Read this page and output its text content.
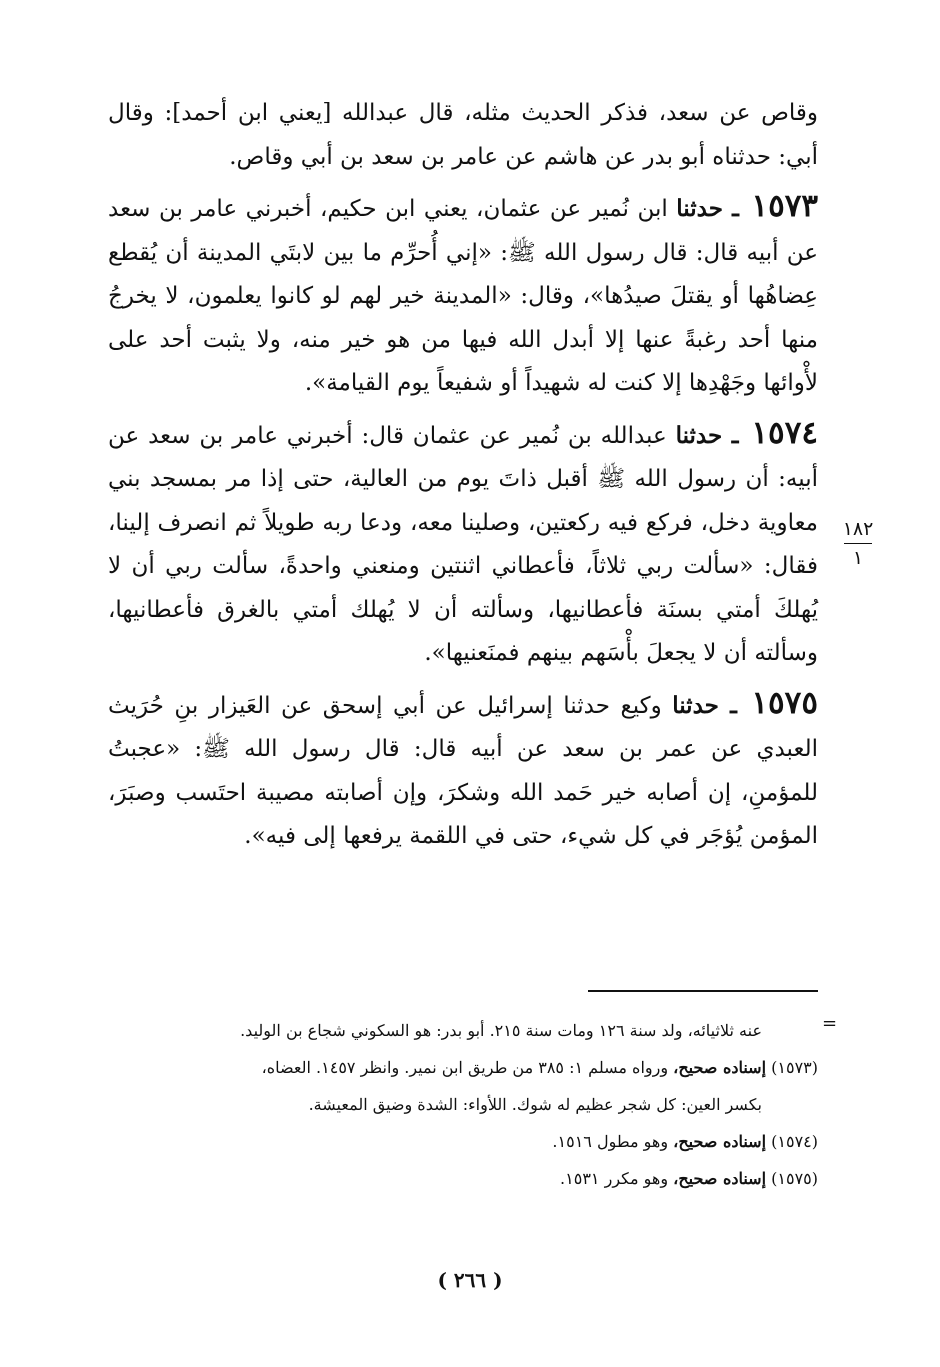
وقاص عن سعد، فذكر الحديث مثله، قال عبدالله [يعني ابن أحمد]: وقال أبي: حدثناه أبو بدر عن هاشم عن عامر بن سعد بن أبي وقاص.

١٥٧٣ ـ حدثنا ابن نُمير عن عثمان، يعني ابن حكيم، أخبرني عامر بن سعد عن أبيه قال: قال رسول الله ﷺ: «إني أُحرِّم ما بين لابتَي المدينة أن يُقطع عِضاهُها أو يقتلَ صيدُها»، وقال: «المدينة خير لهم لو كانوا يعلمون، لا يخرجُ منها أحد رغبةً عنها إلا أبدل الله فيها من هو خير منه، ولا يثبت أحد على لأْوائها وجَهْدِها إلا كنت له شهيداً أو شفيعاً يوم القيامة».

١٥٧٤ ـ حدثنا عبدالله بن نُمير عن عثمان قال: أخبرني عامر بن سعد عن أبيه: أن رسول الله ﷺ أقبل ذاتَ يوم من العالية، حتى إذا مر بمسجد بني معاوية دخل، فركع فيه ركعتين، وصلينا معه، ودعا ربه طويلاً ثم انصرف إلينا، فقال: «سألت ربي ثلاثاً، فأعطاني اثنتين ومنعني واحدةً، سألت ربي أن لا يُهلكَ أمتي بسنَة فأعطانيها، وسألته أن لا يُهلك أمتي بالغرق فأعطانيها، وسألته أن لا يجعلَ بأْسَهم بينهم فمنَعنيها».

١٥٧٥ ـ حدثنا وكيع حدثنا إسرائيل عن أبي إسحق عن العَيزار بنِ حُرَيث العبدي عن عمر بن سعد عن أبيه قال: قال رسول الله ﷺ: «عجبتُ للمؤمنِ، إن أصابه خير حَمد الله وشكرَ، وإن أصابته مصيبة احتَسب وصبَرَ، المؤمن يُؤجَر في كل شيء، حتى في اللقمة يرفعها إلى فيه».

١٨٢
١
=

عنه ثلاثيائه، ولد سنة ١٢٦ ومات سنة ٢١٥. أبو بدر: هو السكوني شجاع بن الوليد.

(١٥٧٣) إسناده صحيح، ورواه مسلم ١: ٣٨٥ من طريق ابن نمير. وانظر ١٤٥٧. العضاه،

بكسر العين: كل شجر عظيم له شوك. اللأواء: الشدة وضيق المعيشة.

(١٥٧٤) إسناده صحيح، وهو مطول ١٥١٦.

(١٥٧٥) إسناده صحيح، وهو مكرر ١٥٣١.

( ٢٦٦ )
